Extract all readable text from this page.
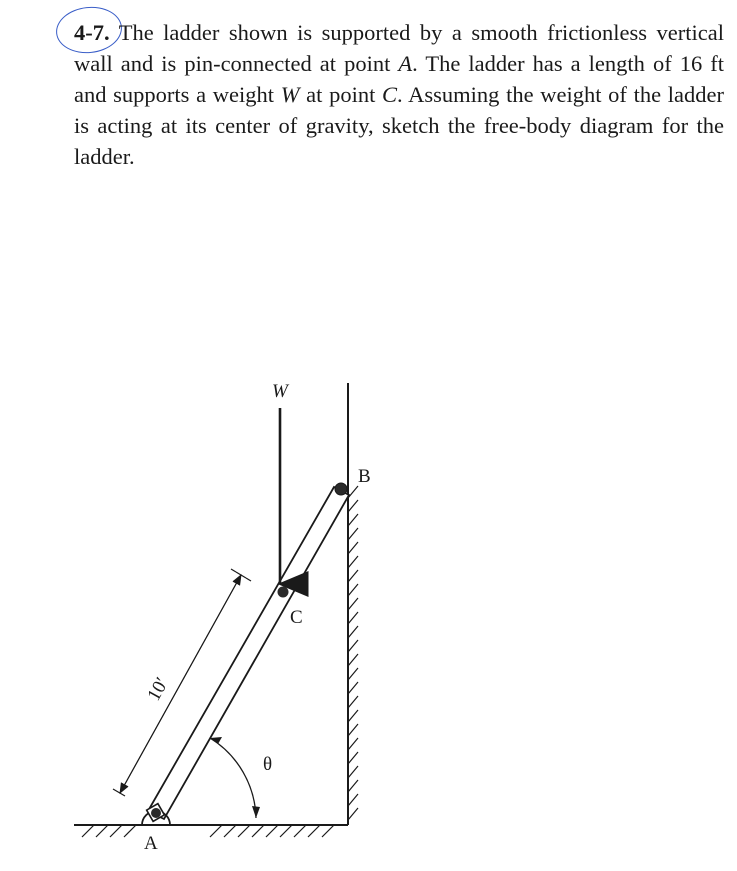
4-7. The ladder shown is supported by a smooth frictionless vertical wall and is pin-connected at point A. The ladder has a length of 16 ft and supports a weight W at point C. Assuming the weight of the ladder is acting at its center of gravity, sketch the free-body diagram for the ladder.
10′
W
B
C
A
θ
